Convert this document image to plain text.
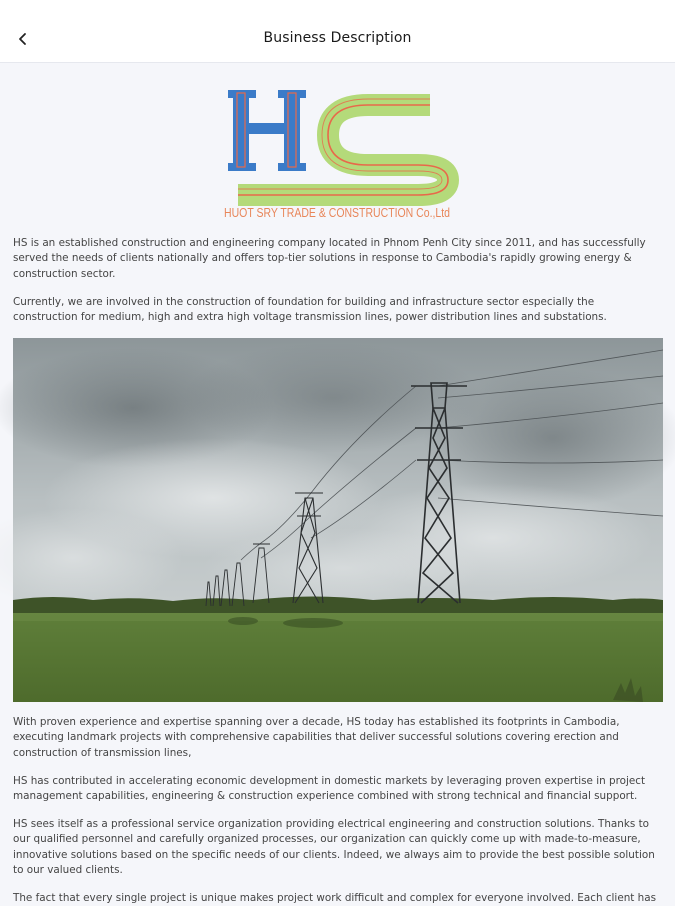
Business Description
HUOT SRY TRADE & CONSTRUCTION Co.,Ltd

HS is an established construction and engineering company located in Phnom Penh City since 2011, and has successfully served the needs of clients nationally and offers top-tier solutions in response to Cambodia's rapidly growing energy & construction sector.

Currently, we are involved in the construction of foundation for building and infrastructure sector especially the construction for medium, high and extra high voltage transmission lines, power distribution lines and substations.

With proven experience and expertise spanning over a decade, HS today has established its footprints in Cambodia, executing landmark projects with comprehensive capabilities that deliver successful solutions covering erection and construction of transmission lines,

HS has contributed in accelerating economic development in domestic markets by leveraging proven expertise in project management capabilities, engineering & construction experience combined with strong technical and financial support.

HS sees itself as a professional service organization providing electrical engineering and construction solutions. Thanks to our qualified personnel and carefully organized processes, our organization can quickly come up with made-to-measure, innovative solutions based on the specific needs of our clients. Indeed, we always aim to provide the best possible solution to our valued clients.

The fact that every single project is unique makes project work difficult and complex for everyone involved. Each client has
